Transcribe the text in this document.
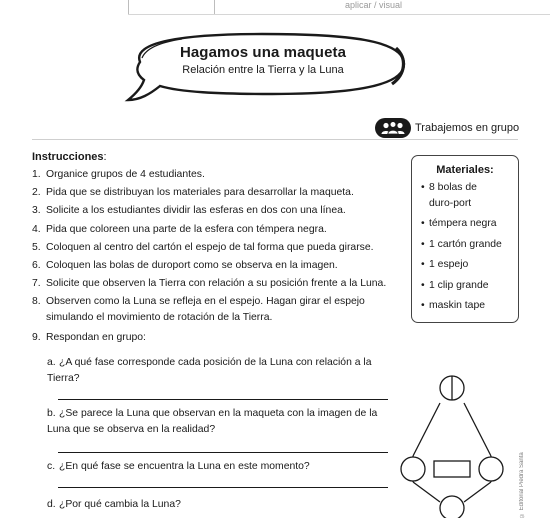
aplicar / visual
Hagamos una maqueta
Relación entre la Tierra y la Luna
Trabajemos en grupo
Instrucciones:
1. Organice grupos de 4 estudiantes.
2. Pida que se distribuyan los materiales para desarrollar la maqueta.
3. Solicite a los estudiantes dividir las esferas en dos con una línea.
4. Pida que coloreen una parte de la esfera con témpera negra.
5. Coloquen al centro del cartón el espejo de tal forma que pueda girarse.
6. Coloquen las bolas de duroport como se observa en la imagen.
7. Solicite que observen la Tierra con relación a su posición frente a la Luna.
8. Observen como la Luna se refleja en el espejo. Hagan girar el espejo simulando el movimiento de rotación de la Tierra.
9. Respondan en grupo:
a. ¿A qué fase corresponde cada posición de la Luna con relación a la Tierra?
b. ¿Se parece la Luna que observan en la maqueta con la imagen de la Luna que se observa en la realidad?
c. ¿En qué fase se encuentra la Luna en este momento?
d. ¿Por qué cambia la Luna?
Materiales:
• 8 bolas de duro-port
• témpera negra
• 1 cartón grande
• 1 espejo
• 1 clip grande
• maskin tape
© Editorial Piedra Santa
